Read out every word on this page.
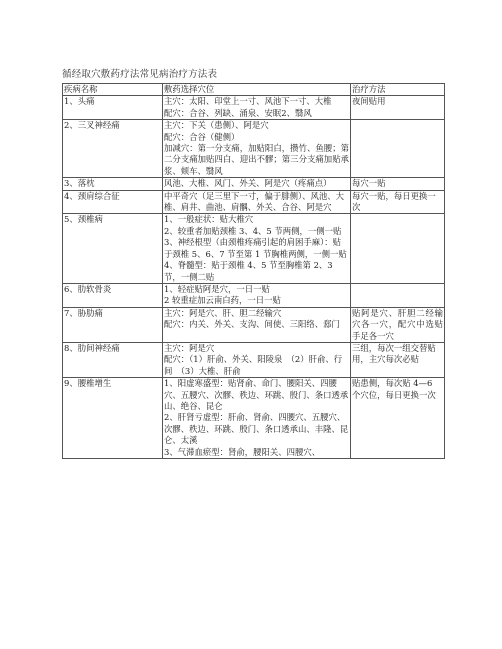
循经取穴敷药疗法常见病治疗方法表
疾病名称	敷药选择穴位	治疗方法
1、头痛	主穴：太阳、印堂上一寸、风池下一寸、大椎
配穴：合谷、列缺、涌泉、安眠2、翳风	夜间贴用

2、三叉神经痛	主穴：下关（患侧）、阿是穴
配穴：合谷（健侧）
加减穴：第一分支痛，加贴阳白，攒竹、鱼腰；第二分支痛加贴四白、迎出不髎；第三分支痛加贴承浆、颊车、翳风	

3、落枕	风池、大椎、风门、外关、阿是穴（疼痛点）	每穴一贴

4、颈肩综合征	中平奇穴（足三里下一寸，偏于腓侧）、风池、大椎、肩井、曲池、肩髃、外关、合谷、阿是穴	每穴一贴，每日更换一次

5、颈椎病	1、一般症状：贴大椎穴
2、较重者加贴颈椎 3、4、5 节两侧，一侧一贴
3、神经根型（由颈椎疼痛引起的肩困手麻）：贴于颈椎 5、6、7 节至第 1 节胸椎两侧，一侧一贴
4、脊髓型：贴于颈椎 4、5 节至胸椎第 2、3 节，一侧二贴	

6、肋软骨炎	1、轻症贴阿是穴，一日一贴
2 较重症加云南白药，一日一贴	

7、胁肋痛	主穴：阿是穴、肝、胆二经输穴
配穴：内关、外关、支沟、间使、三阳络、郄门	贴阿是穴、肝胆二经输穴各一穴，配穴中选贴手足各一穴

8、肋间神经痛	主穴：阿是穴
配穴：（1）肝俞、外关、阳陵泉　（2）肝俞、行间　（3）大椎、肝俞	三组，每次一组交替贴用，主穴每次必贴

9、腰椎增生	1、阳虚寒盛型：贴肾俞、命门、腰阳关、四腰穴、五腰穴、次髎、秩边、环跳、殷门、条口透承山、绝谷、昆仑
2、肝肾亏虚型：肝俞、肾俞、四腰穴、五腰穴、次髎、秩边、环跳、殷门、条口透承山、丰隆、昆仑、太溪
3、气滞血瘀型：肾俞，腰阳关、四腰穴、	贴患侧，每次贴 4—6 个穴位，每日更换一次
